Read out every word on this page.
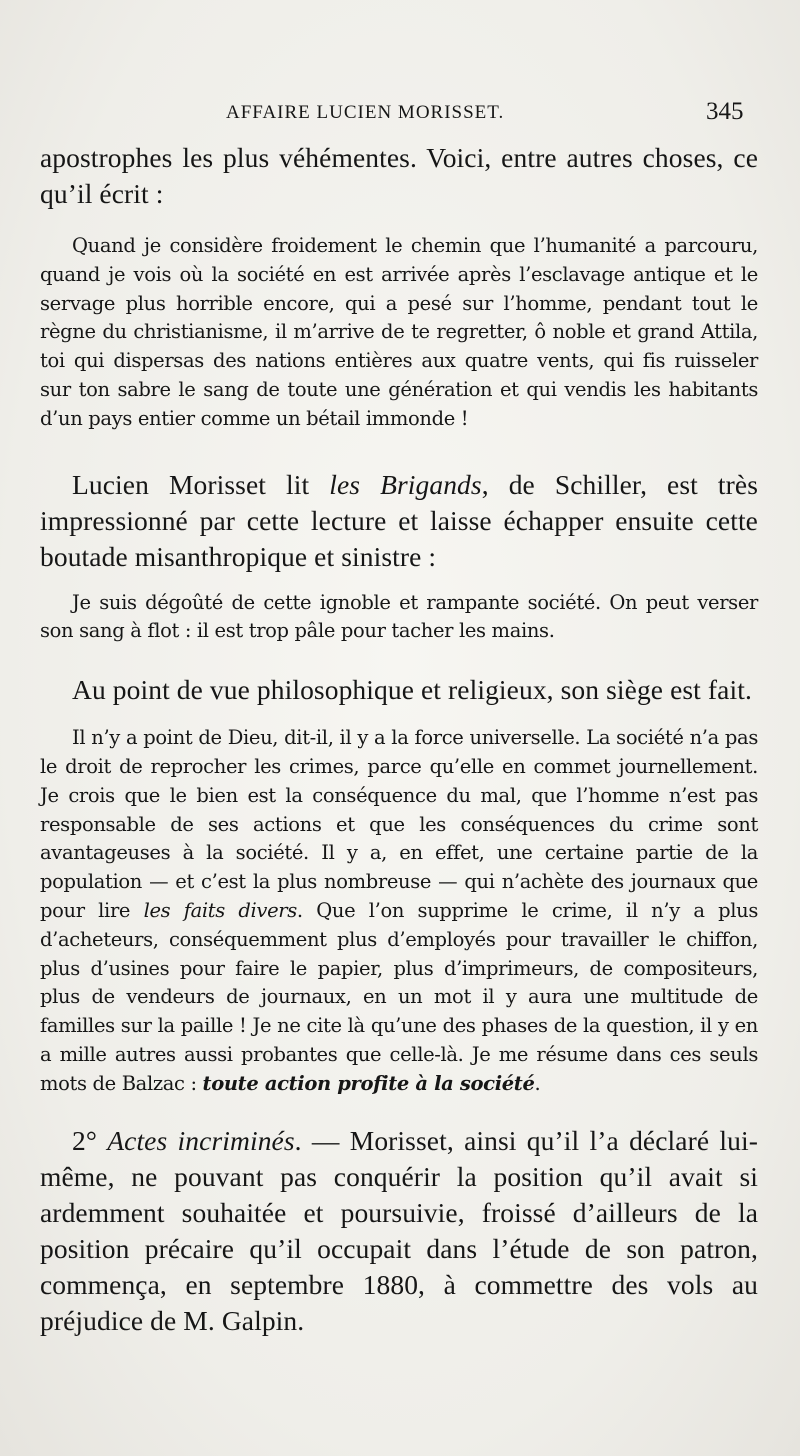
AFFAIRE LUCIEN MORISSET.	345

apostrophes les plus véhémentes. Voici, entre autres choses, ce qu’il écrit :

Quand je considère froidement le chemin que l’humanité a parcouru, quand je vois où la société en est arrivée après l’esclavage antique et le servage plus horrible encore, qui a pesé sur l’homme, pendant tout le règne du christianisme, il m’arrive de te regretter, ô noble et grand Attila, toi qui dispersas des nations entières aux quatre vents, qui fis ruisseler sur ton sabre le sang de toute une génération et qui vendis les habitants d’un pays entier comme un bétail immonde !

Lucien Morisset lit les Brigands, de Schiller, est très impressionné par cette lecture et laisse échapper ensuite cette boutade misanthropique et sinistre :

Je suis dégoûté de cette ignoble et rampante société. On peut verser son sang à flot : il est trop pâle pour tacher les mains.

Au point de vue philosophique et religieux, son siège est fait.

Il n’y a point de Dieu, dit-il, il y a la force universelle. La société n’a pas le droit de reprocher les crimes, parce qu’elle en commet journellement. Je crois que le bien est la conséquence du mal, que l’homme n’est pas responsable de ses actions et que les conséquences du crime sont avantageuses à la société. Il y a, en effet, une certaine partie de la population — et c’est la plus nombreuse — qui n’achète des journaux que pour lire les faits divers. Que l’on supprime le crime, il n’y a plus d’acheteurs, conséquemment plus d’employés pour travailler le chiffon, plus d’usines pour faire le papier, plus d’imprimeurs, de compositeurs, plus de vendeurs de journaux, en un mot il y aura une multitude de familles sur la paille ! Je ne cite là qu’une des phases de la question, il y en a mille autres aussi probantes que celle-là. Je me résume dans ces seuls mots de Balzac : toute action profite à la société.

2° Actes incriminés. — Morisset, ainsi qu’il l’a déclaré lui-même, ne pouvant pas conquérir la position qu’il avait si ardemment souhaitée et poursuivie, froissé d’ailleurs de la position précaire qu’il occupait dans l’étude de son patron, commença, en septembre 1880, à commettre des vols au préjudice de M. Galpin.
